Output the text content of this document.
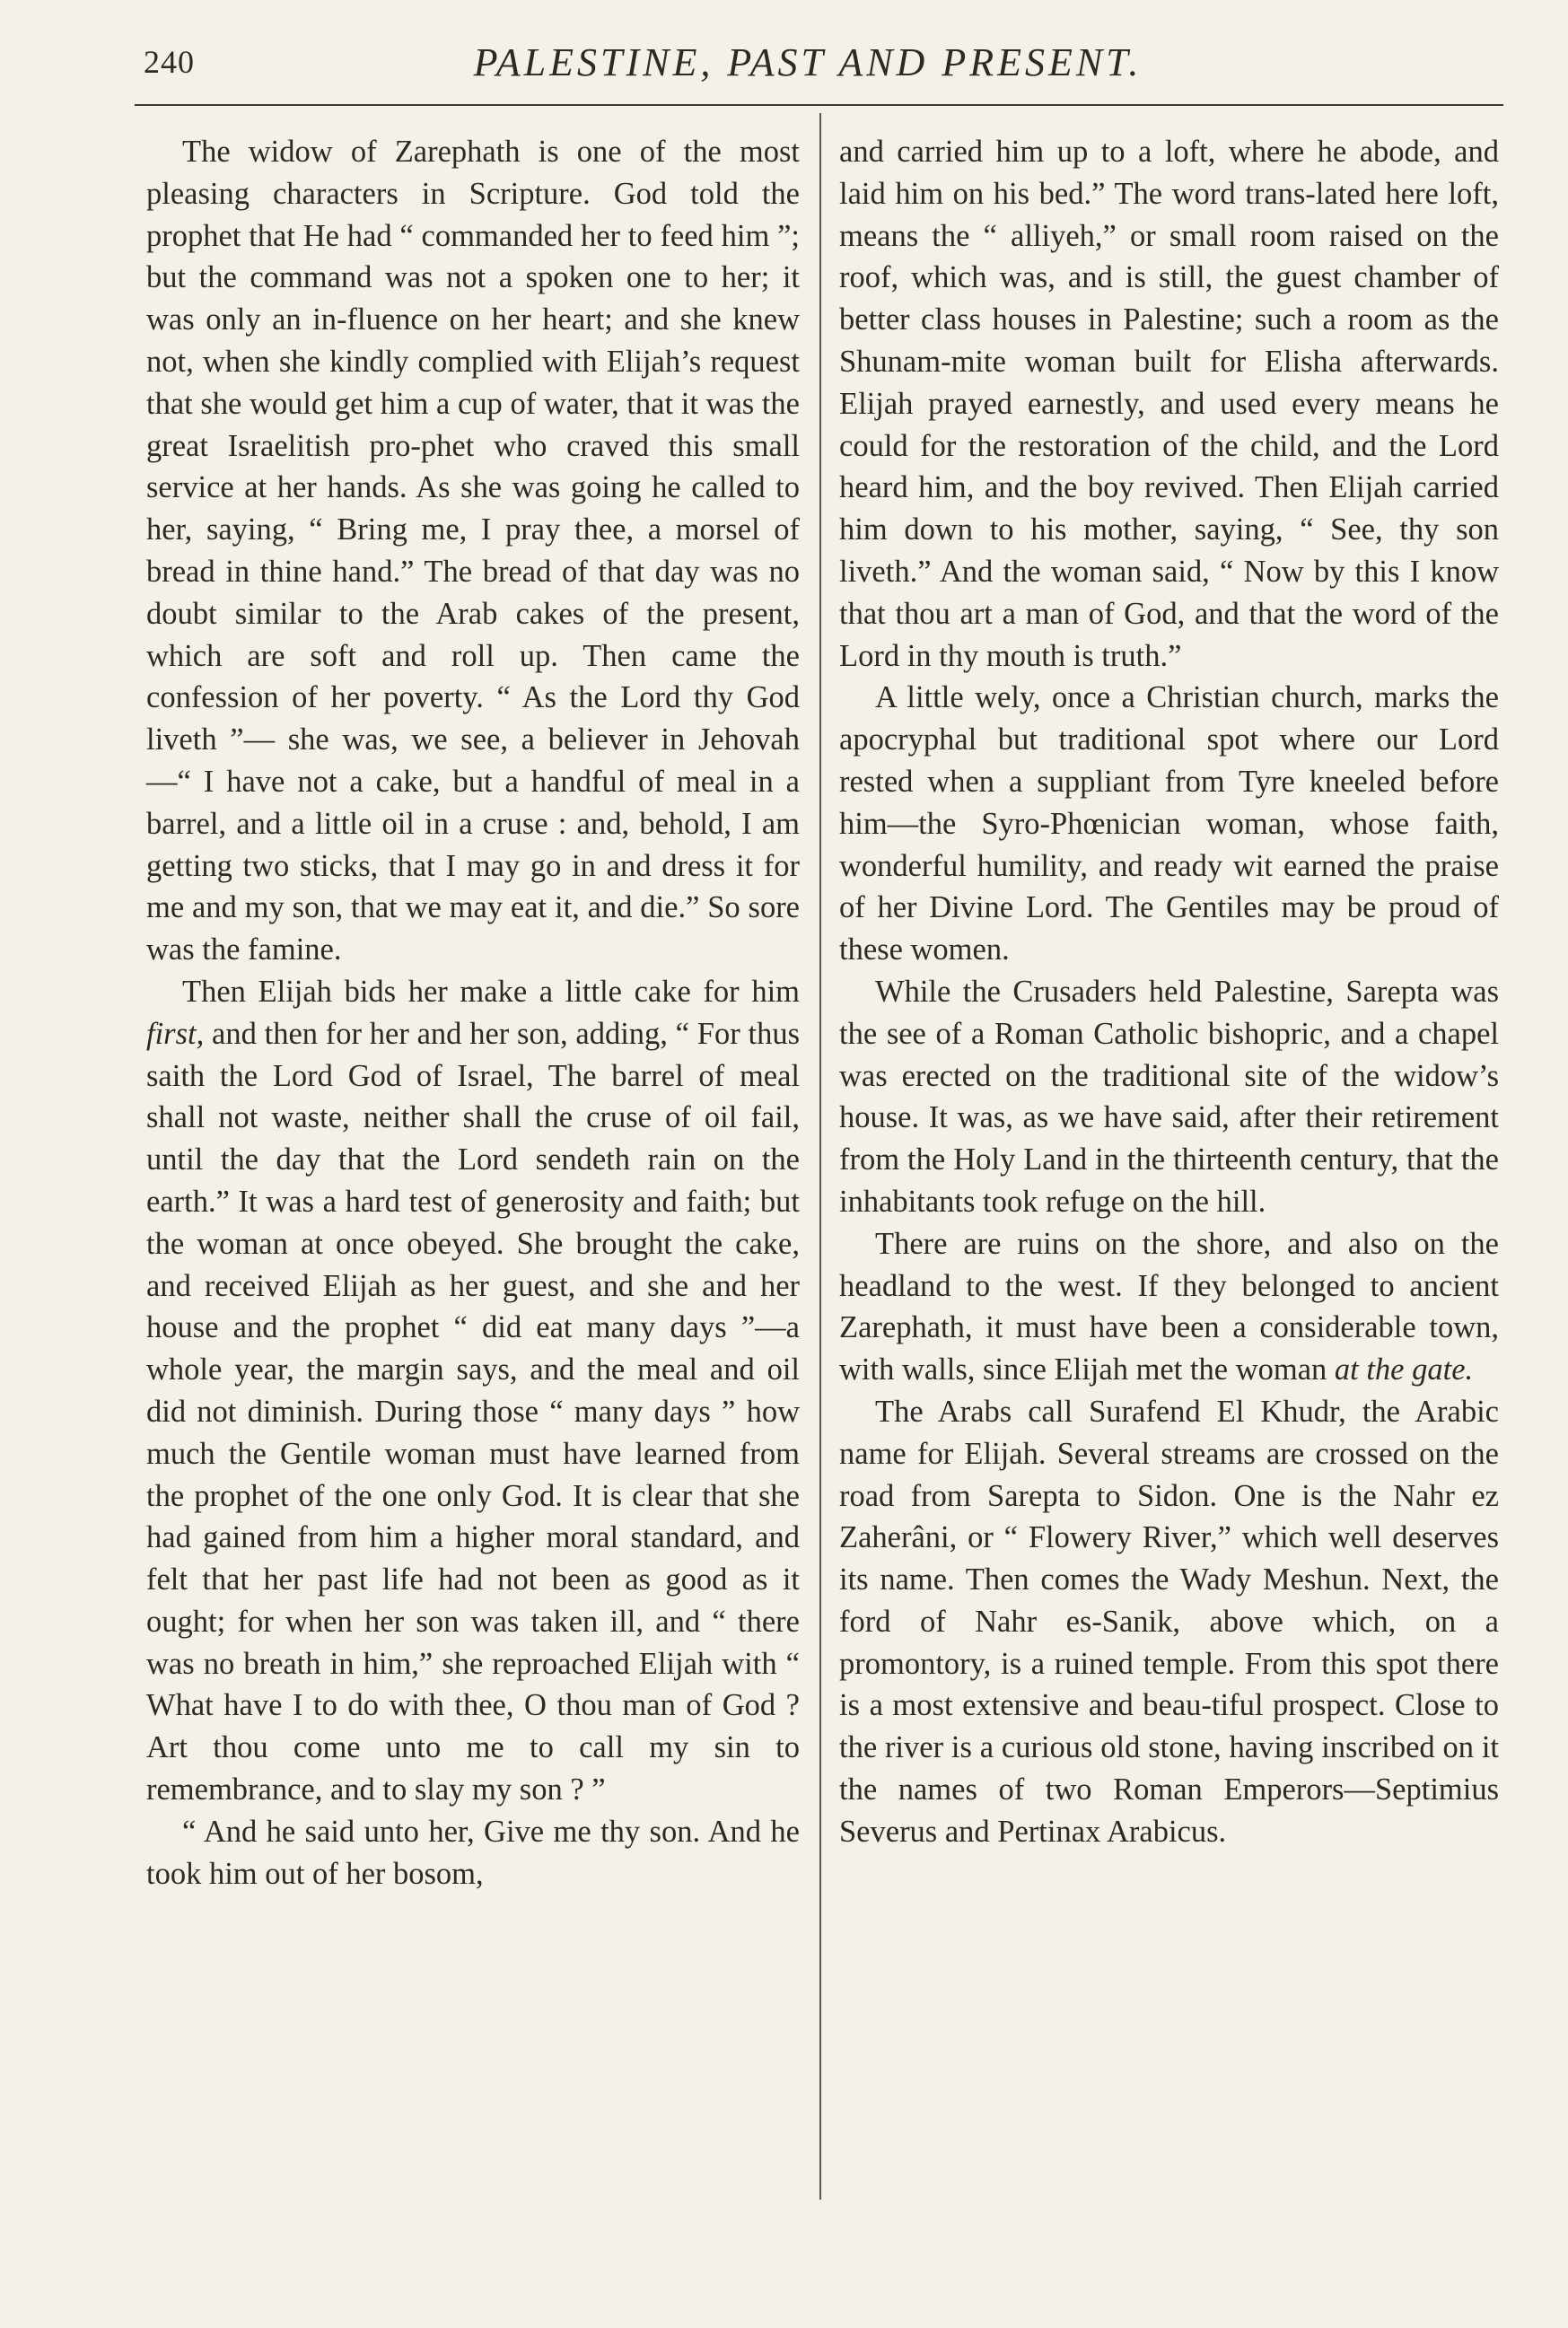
240	PALESTINE, PAST AND PRESENT.

The widow of Zarephath is one of the most pleasing characters in Scripture. God told the prophet that He had “ commanded her to feed him ”; but the command was not a spoken one to her; it was only an in-fluence on her heart; and she knew not, when she kindly complied with Elijah’s request that she would get him a cup of water, that it was the great Israelitish pro-phet who craved this small service at her hands. As she was going he called to her, saying, “ Bring me, I pray thee, a morsel of bread in thine hand.” The bread of that day was no doubt similar to the Arab cakes of the present, which are soft and roll up. Then came the confession of her poverty. “ As the Lord thy God liveth ”— she was, we see, a believer in Jehovah —“ I have not a cake, but a handful of meal in a barrel, and a little oil in a cruse : and, behold, I am getting two sticks, that I may go in and dress it for me and my son, that we may eat it, and die.” So sore was the famine.

Then Elijah bids her make a little cake for him first, and then for her and her son, adding, “ For thus saith the Lord God of Israel, The barrel of meal shall not waste, neither shall the cruse of oil fail, until the day that the Lord sendeth rain on the earth.” It was a hard test of generosity and faith; but the woman at once obeyed. She brought the cake, and received Elijah as her guest, and she and her house and the prophet “ did eat many days ”—a whole year, the margin says, and the meal and oil did not diminish. During those “ many days ” how much the Gentile woman must have learned from the prophet of the one only God. It is clear that she had gained from him a higher moral standard, and felt that her past life had not been as good as it ought; for when her son was taken ill, and “ there was no breath in him,” she reproached Elijah with “ What have I to do with thee, O thou man of God ? Art thou come unto me to call my sin to remembrance, and to slay my son ? ”

“ And he said unto her, Give me thy son. And he took him out of her bosom,

and carried him up to a loft, where he abode, and laid him on his bed.” The word trans-lated here loft, means the “ alliyeh,” or small room raised on the roof, which was, and is still, the guest chamber of better class houses in Palestine; such a room as the Shunam-mite woman built for Elisha afterwards. Elijah prayed earnestly, and used every means he could for the restoration of the child, and the Lord heard him, and the boy revived. Then Elijah carried him down to his mother, saying, “ See, thy son liveth.” And the woman said, “ Now by this I know that thou art a man of God, and that the word of the Lord in thy mouth is truth.”

A little wely, once a Christian church, marks the apocryphal but traditional spot where our Lord rested when a suppliant from Tyre kneeled before him—the Syro-Phœnician woman, whose faith, wonderful humility, and ready wit earned the praise of her Divine Lord. The Gentiles may be proud of these women.

While the Crusaders held Palestine, Sarepta was the see of a Roman Catholic bishopric, and a chapel was erected on the traditional site of the widow’s house. It was, as we have said, after their retirement from the Holy Land in the thirteenth century, that the inhabitants took refuge on the hill.

There are ruins on the shore, and also on the headland to the west. If they belonged to ancient Zarephath, it must have been a considerable town, with walls, since Elijah met the woman at the gate.

The Arabs call Surafend El Khudr, the Arabic name for Elijah. Several streams are crossed on the road from Sarepta to Sidon. One is the Nahr ez Zaherâni, or “ Flowery River,” which well deserves its name. Then comes the Wady Meshun. Next, the ford of Nahr es-Sanik, above which, on a promontory, is a ruined temple. From this spot there is a most extensive and beau-tiful prospect. Close to the river is a curious old stone, having inscribed on it the names of two Roman Emperors—Septimius Severus and Pertinax Arabicus.
